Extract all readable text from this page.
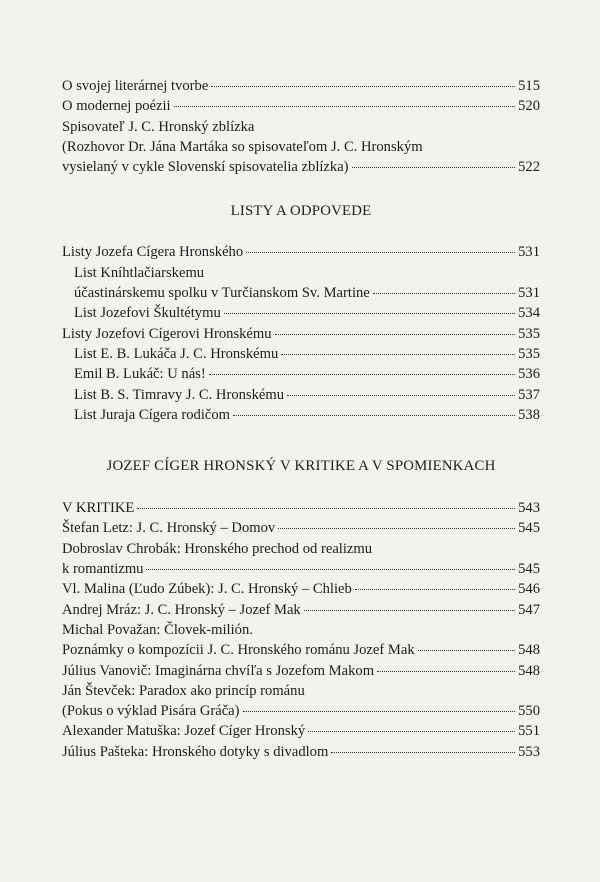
O svojej literárnej tvorbe	515
O modernej poézii	520
Spisovateľ J. C. Hronský zblízka
(Rozhovor Dr. Jána Martáka so spisovateľom J. C. Hronským
vysielaný v cykle Slovenskí spisovatelia zblízka)	522
LISTY A ODPOVEDE
Listy Jozefa Cígera Hronského	531
List Kníhtlačiarskemu
účastinárskemu spolku v Turčianskom Sv. Martine	531
List Jozefovi Škultétymu	534
Listy Jozefovi Cígerovi Hronskému	535
List E. B. Lukáča J. C. Hronskému	535
Emil B. Lukáč: U nás!	536
List B. S. Timravy J. C. Hronskému	537
List Juraja Cígera rodičom	538
JOZEF CÍGER HRONSKÝ V KRITIKE A V SPOMIENKACH
V KRITIKE	543
Štefan Letz: J. C. Hronský – Domov	545
Dobroslav Chrobák: Hronského prechod od realizmu
k romantizmu	545
Vl. Malina (Ľudo Zúbek): J. C. Hronský – Chlieb	546
Andrej Mráz: J. C. Hronský – Jozef Mak	547
Michal Považan: Človek-milión.
Poznámky o kompozícii J. C. Hronského románu Jozef Mak	548
Július Vanovič: Imaginárna chvíľa s Jozefom Makom	548
Ján Števček: Paradox ako princíp románu
(Pokus o výklad Pisára Gráča)	550
Alexander Matuška: Jozef Cíger Hronský	551
Július Pašteka: Hronského dotyky s divadlom	553
